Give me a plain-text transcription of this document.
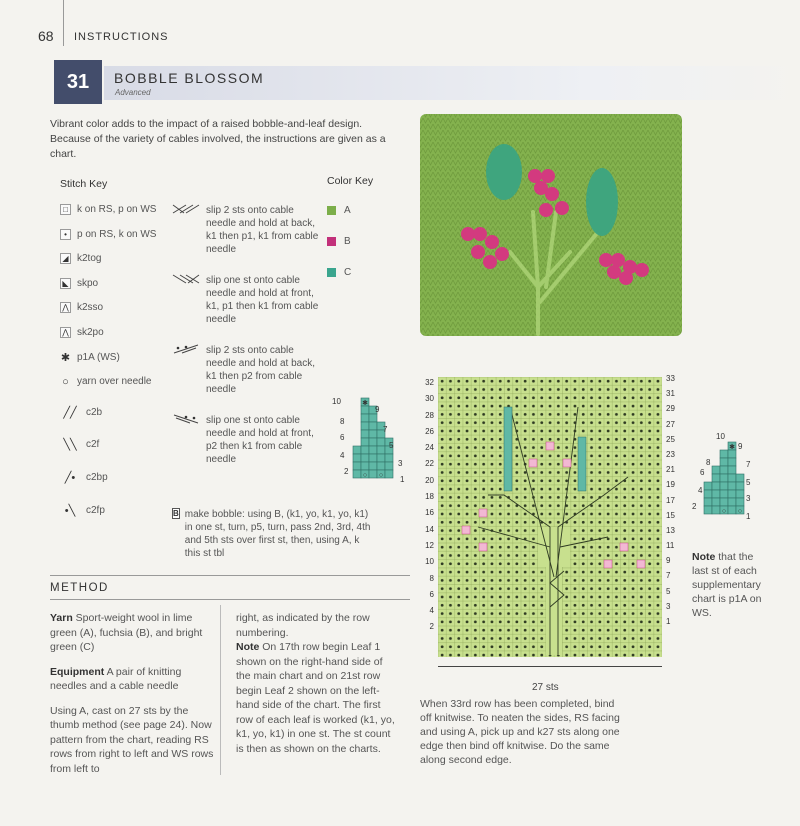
68 INSTRUCTIONS
31	BOBBLE BLOSSOM
Advanced
Vibrant color adds to the impact of a raised bobble-and-leaf design. Because of the variety of cables involved, the instructions are given as a chart.
Stitch Key
□ k on RS, p on WS
•	p on RS, k on WS
◢ k2tog
◣ skpo
⋀ k2sso
⋀ sk2po
✱ p1A (WS)
○ yarn over needle
╱╱ c2b
╲╲ c2f
╱•	c2bp
•╲	c2fp
slip 2 sts onto cable needle and hold at back, k1 then p1, k1 from cable needle
slip one st onto cable needle and hold at front, k1, p1 then k1 from cable needle
slip 2 sts onto cable needle and hold at back, k1 then p2 from cable needle
slip one st onto cable needle and hold at front, p2 then k1 from cable needle
B make bobble: using B, (k1, yo, k1, yo, k1) in one st, turn, p5, turn, pass 2nd, 3rd, 4th and 5th sts over first st, then, using A, k this st tbl
Color Key
A
B
C
✱
○ ○
10
9
8
7
6
5
4
3
2
1
METHOD

Yarn Sport-weight wool in lime green (A), fuchsia (B), and bright green (C)

Equipment A pair of knitting needles and a cable needle

Using A, cast on 27 sts by the thumb method (see page 24). Now pattern from the chart, reading RS rows from right to left and WS rows from left to

right, as indicated by the row numbering.
Note On 17th row begin Leaf 1 shown on the right-hand side of the main chart and on 21st row begin Leaf 2 shown on the left-hand side of the chart. The first row of each leaf is worked (k1, yo, k1, yo, k1) in one st. The st count is then as shown on the charts.
32
30
28
26
24
22
20
18
16
14
12
10
8
6
4
2
33
31
29
27
25
23
21
19
17
15
13
11
9
7
5
3
1
27 sts
✱
○ ○
10
9
8	7
6
5
4
3
2
1
Note that the last st of each supplementary chart is p1A on WS.
When 33rd row has been completed, bind off knitwise. To neaten the sides, RS facing and using A, pick up and k27 sts along one edge then bind off knitwise. Do the same along second edge.
